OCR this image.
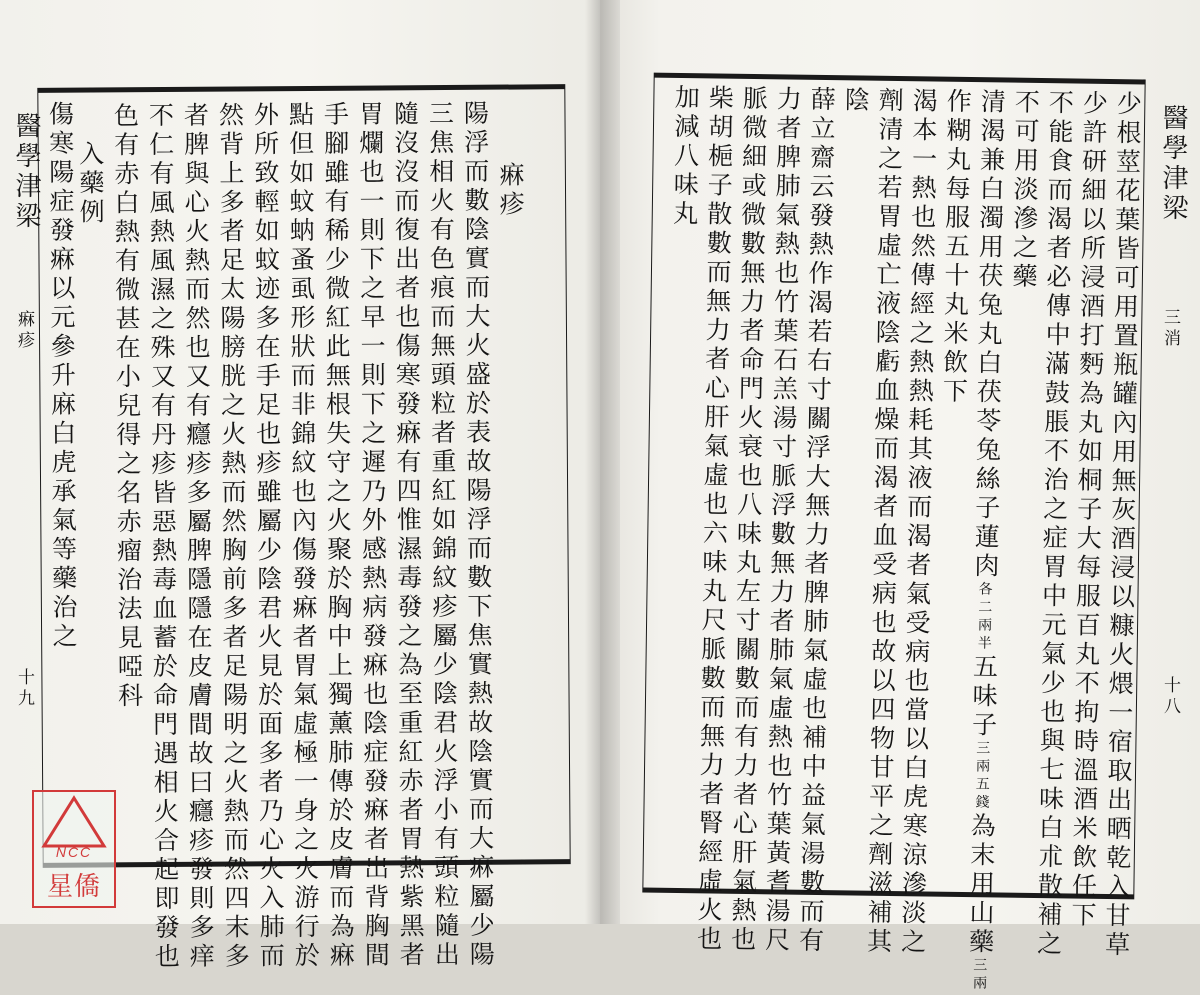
痳疹
陽浮而數陰實而大火盛於表故陽浮而數下焦實熱故陰實而大痳屬少陽
三焦相火有色痕而無頭粒者重紅如錦紋疹屬少陰君火浮小有頭粒隨出
隨沒沒而復出者也傷寒發痳有四惟濕毒發之為至重紅赤者胃熱紫黑者
胃爛也一則下之早一則下之遲乃外感熱病發痳也陰症發痳者出背胸間
手腳雖有稀少微紅此無根失守之火聚於胸中上獨薰肺傳於皮膚而為痳
點但如蚊蚋蚤虱形狀而非錦紋也內傷發痳者胃氣虛極一身之火游行於
外所致輕如蚊迹多在手足也疹雖屬少陰君火見於面多者乃心火入肺而
然背上多者足太陽膀胱之火熱而然胸前多者足陽明之火熱而然四末多
者脾與心火熱而然也又有癮疹多屬脾隱隱在皮膚間故曰癮疹發則多痒
不仁有風熱風濕之殊又有丹疹皆惡熱毒血蓄於命門遇相火合起即發也
色有赤白熱有微甚在小兒得之名赤瘤治法見啞科
入藥例
傷寒陽症發痳以元參升麻白虎承氣等藥治之
醫學津梁
痳疹
十九
NCC
星僑	少根莖花葉皆可用置瓶罐內用無灰酒浸以糠火煨一宿取出晒乾入甘草
少許研細以所浸酒打麪為丸如桐子大每服百丸不拘時溫酒米飲任下
不能食而渴者必傳中滿鼓脹不治之症胃中元氣少也與七味白朮散補之
不可用淡滲之藥
清渴兼白濁用茯兔丸白茯苓兔絲子蓮肉各二兩半五味子三兩五錢為末用山藥三兩
作糊丸每服五十丸米飲下
渴本一熱也然傳經之熱熱耗其液而渴者氣受病也當以白虎寒涼滲淡之
劑清之若胃虛亡液陰虧血燥而渴者血受病也故以四物甘平之劑滋補其
陰
薛立齋云發熱作渴若右寸關浮大無力者脾肺氣虛也補中益氣湯數而有
力者脾肺氣熱也竹葉石羔湯寸脈浮數無力者肺氣虛熱也竹葉黃耆湯尺
脈微細或微數無力者命門火衰也八味丸左寸關數而有力者心肝氣熱也
柴胡梔子散數而無力者心肝氣虛也六味丸尺脈數而無力者腎經虛火也
加減八味丸	醫學津梁
三消
十八
